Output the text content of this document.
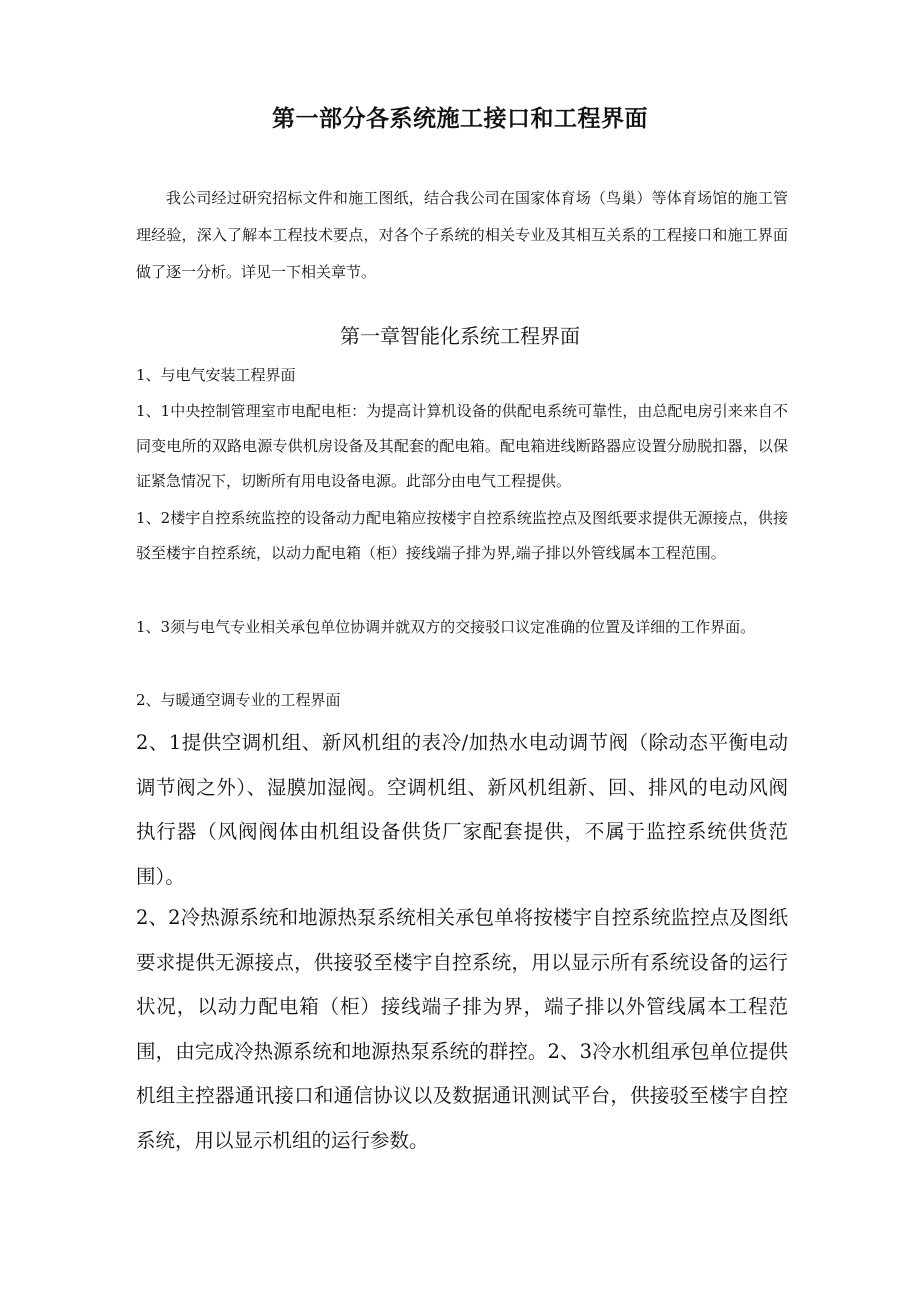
第一部分各系统施工接口和工程界面

我公司经过研究招标文件和施工图纸，结合我公司在国家体育场（鸟巢）等体育场馆的施工管理经验，深入了解本工程技术要点，对各个子系统的相关专业及其相互关系的工程接口和施工界面做了逐一分析。详见一下相关章节。

第一章智能化系统工程界面

1、与电气安装工程界面

1、1中央控制管理室市电配电柜：为提高计算机设备的供配电系统可靠性，由总配电房引来来自不同变电所的双路电源专供机房设备及其配套的配电箱。配电箱进线断路器应设置分励脱扣器，以保证紧急情况下，切断所有用电设备电源。此部分由电气工程提供。

1、2楼宇自控系统监控的设备动力配电箱应按楼宇自控系统监控点及图纸要求提供无源接点，供接驳至楼宇自控系统，以动力配电箱（柜）接线端子排为界,端子排以外管线属本工程范围。

1、3须与电气专业相关承包单位协调并就双方的交接驳口议定准确的位置及详细的工作界面。

2、与暖通空调专业的工程界面

2、1提供空调机组、新风机组的表冷/加热水电动调节阀（除动态平衡电动调节阀之外）、湿膜加湿阀。空调机组、新风机组新、回、排风的电动风阀执行器（风阀阀体由机组设备供货厂家配套提供，不属于监控系统供货范围）。

2、2冷热源系统和地源热泵系统相关承包单将按楼宇自控系统监控点及图纸要求提供无源接点，供接驳至楼宇自控系统，用以显示所有系统设备的运行状况，以动力配电箱（柜）接线端子排为界，端子排以外管线属本工程范围，由完成冷热源系统和地源热泵系统的群控。2、3冷水机组承包单位提供机组主控器通讯接口和通信协议以及数据通讯测试平台，供接驳至楼宇自控系统，用以显示机组的运行参数。
